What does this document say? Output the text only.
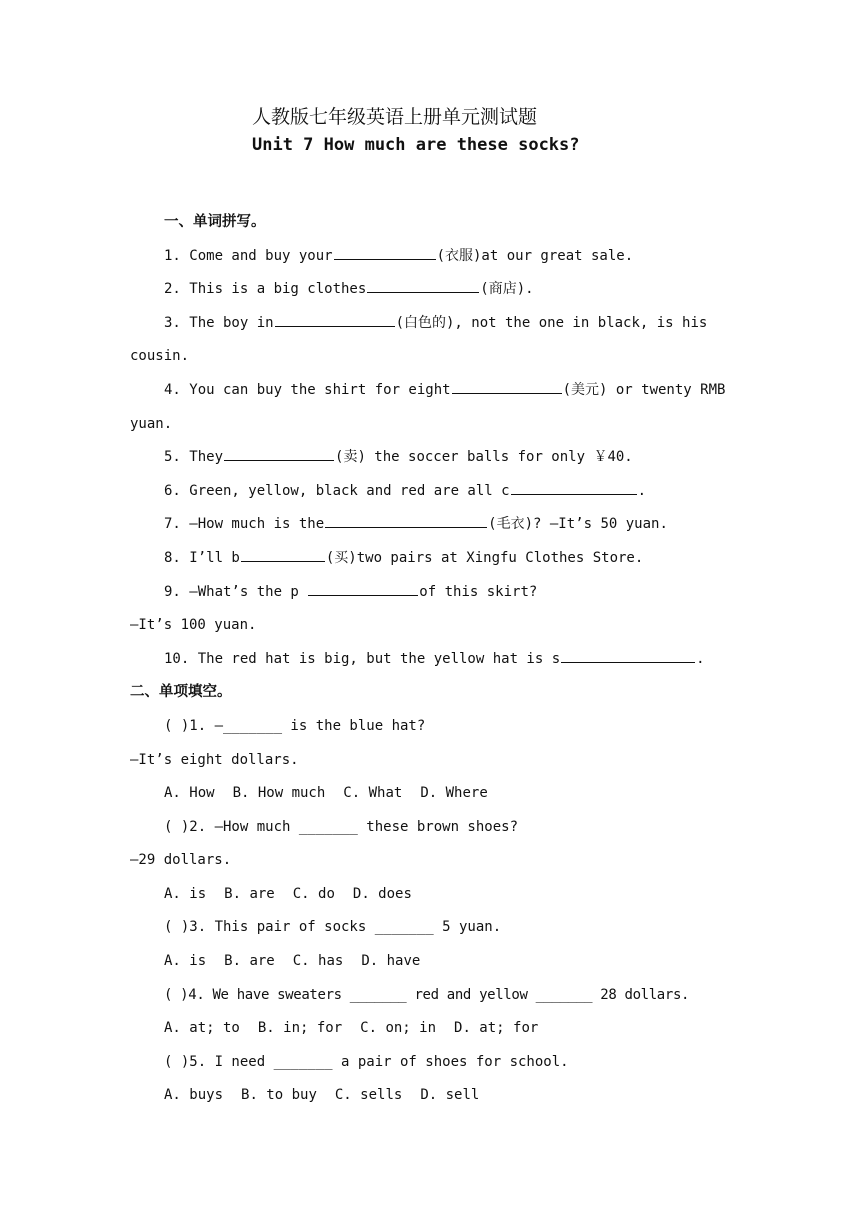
人教版七年级英语上册单元测试题
Unit 7 How much are these socks?
一、单词拼写。
1. Come and buy your	(衣服)at our great sale.
2. This is a big clothes	(商店).
3. The boy in	(白色的), not the one in black, is his
cousin.
4. You can buy the shirt for eight	(美元) or twenty RMB
yuan.
5. They	(卖) the soccer balls for only ￥40.
6. Green, yellow, black and red are all c	.
7. —How much is the	(毛衣)? —It’s 50 yuan.
8. I’ll b	(买)two pairs at Xingfu Clothes Store.
9. —What’s the p	of this skirt?
—It’s 100 yuan.
10. The red hat is big, but the yellow hat is s	.
二、单项填空。
( )1. —_______ is the blue hat?
—It’s eight dollars.
A. How B. How much C. What D. Where
( )2. —How much _______ these brown shoes?
—29 dollars.
A. is B. are C. do D. does
( )3. This pair of socks _______ 5 yuan.
A. is B. are C. has D. have
( )4. We have sweaters _______ red and yellow _______ 28 dollars.
A. at; to B. in; for C. on; in D. at; for
( )5. I need _______ a pair of shoes for school.
A. buys B. to buy C. sells D. sell
